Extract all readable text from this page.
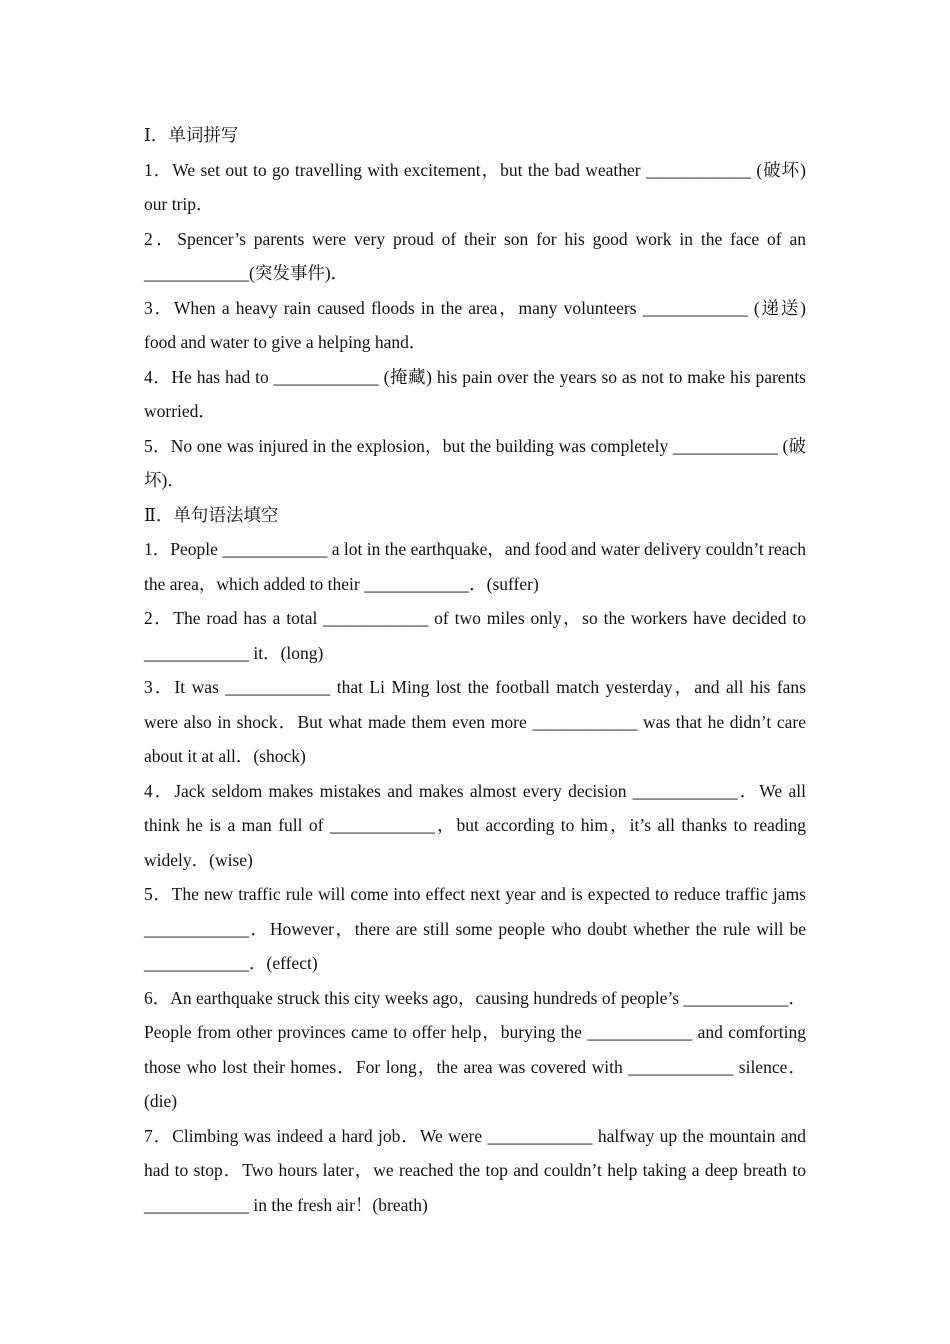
Ⅰ．单词拼写

1．We set out to go travelling with excitement，but the bad weather ____________ (破坏) our trip．

2．Spencer’s parents were very proud of their son for his good work in the face of an ____________(突发事件)．

3．When a heavy rain caused floods in the area，many volunteers ____________ (递送) food and water to give a helping hand．

4．He has had to ____________ (掩藏) his pain over the years so as not to make his parents worried．

5．No one was injured in the explosion，but the building was completely ____________ (破坏)．

Ⅱ．单句语法填空

1．People ____________ a lot in the earthquake，and food and water delivery couldn’t reach the area，which added to their ____________．(suffer)

2．The road has a total ____________ of two miles only，so the workers have decided to ____________ it．(long)

3．It was ____________ that Li Ming lost the football match yesterday，and all his fans were also in shock．But what made them even more ____________ was that he didn’t care about it at all．(shock)

4．Jack seldom makes mistakes and makes almost every decision ____________．We all think he is a man full of ____________，but according to him，it’s all thanks to reading widely．(wise)

5．The new traffic rule will come into effect next year and is expected to reduce traffic jams ____________．However，there are still some people who doubt whether the rule will be ____________．(effect)

6．An earthquake struck this city weeks ago，causing hundreds of people’s ____________．People from other provinces came to offer help，burying the ____________ and comforting those who lost their homes．For long，the area was covered with ____________ silence．(die)

7．Climbing was indeed a hard job．We were ____________ halfway up the mountain and had to stop．Two hours later，we reached the top and couldn’t help taking a deep breath to ____________ in the fresh air！(breath)
